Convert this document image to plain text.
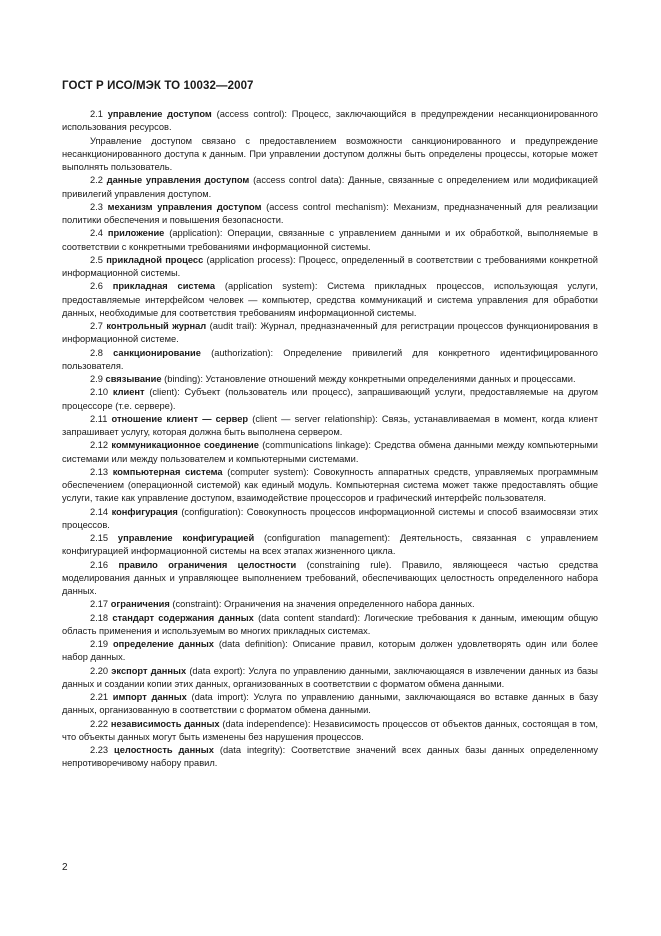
ГОСТ Р ИСО/МЭК ТО 10032—2007

2.1 управление доступом (access control): Процесс, заключающийся в предупреждении несанкционированного использования ресурсов.

Управление доступом связано с предоставлением возможности санкционированного и предупреждение несанкционированного доступа к данным. При управлении доступом должны быть определены процессы, которые может выполнять пользователь.

2.2 данные управления доступом (access control data): Данные, связанные с определением или модификацией привилегий управления доступом.

2.3 механизм управления доступом (access control mechanism): Механизм, предназначенный для реализации политики обеспечения и повышения безопасности.

2.4 приложение (application): Операции, связанные с управлением данными и их обработкой, выполняемые в соответствии с конкретными требованиями информационной системы.

2.5 прикладной процесс (application process): Процесс, определенный в соответствии с требованиями конкретной информационной системы.

2.6 прикладная система (application system): Система прикладных процессов, использующая услуги, предоставляемые интерфейсом человек — компьютер, средства коммуникаций и система управления для обработки данных, необходимые для соответствия требованиям информационной системы.

2.7 контрольный журнал (audit trail): Журнал, предназначенный для регистрации процессов функционирования в информационной системе.

2.8 санкционирование (authorization): Определение привилегий для конкретного идентифицированного пользователя.

2.9 связывание (binding): Установление отношений между конкретными определениями данных и процессами.

2.10 клиент (client): Субъект (пользователь или процесс), запрашивающий услуги, предоставляемые на другом процессоре (т.е. сервере).

2.11 отношение клиент — сервер (client — server relationship): Связь, устанавливаемая в момент, когда клиент запрашивает услугу, которая должна быть выполнена сервером.

2.12 коммуникационное соединение (communications linkage): Средства обмена данными между компьютерными системами или между пользователем и компьютерными системами.

2.13 компьютерная система (computer system): Совокупность аппаратных средств, управляемых программным обеспечением (операционной системой) как единый модуль. Компьютерная система может также предоставлять общие услуги, такие как управление доступом, взаимодействие процессоров и графический интерфейс пользователя.

2.14 конфигурация (configuration): Совокупность процессов информационной системы и способ взаимосвязи этих процессов.

2.15 управление конфигурацией (configuration management): Деятельность, связанная с управлением конфигурацией информационной системы на всех этапах жизненного цикла.

2.16 правило ограничения целостности (constraining rule). Правило, являющееся частью средства моделирования данных и управляющее выполнением требований, обеспечивающих целостность определенного набора данных.

2.17 ограничения (constraint): Ограничения на значения определенного набора данных.

2.18 стандарт содержания данных (data content standard): Логические требования к данным, имеющим общую область применения и используемым во многих прикладных системах.

2.19 определение данных (data definition): Описание правил, которым должен удовлетворять один или более набор данных.

2.20 экспорт данных (data export): Услуга по управлению данными, заключающаяся в извлечении данных из базы данных и создании копии этих данных, организованных в соответствии с форматом обмена данными.

2.21 импорт данных (data import): Услуга по управлению данными, заключающаяся во вставке данных в базу данных, организованную в соответствии с форматом обмена данными.

2.22 независимость данных (data independence): Независимость процессов от объектов данных, состоящая в том, что объекты данных могут быть изменены без нарушения процессов.

2.23 целостность данных (data integrity): Соответствие значений всех данных базы данных определенному непротиворечивому набору правил.

2
